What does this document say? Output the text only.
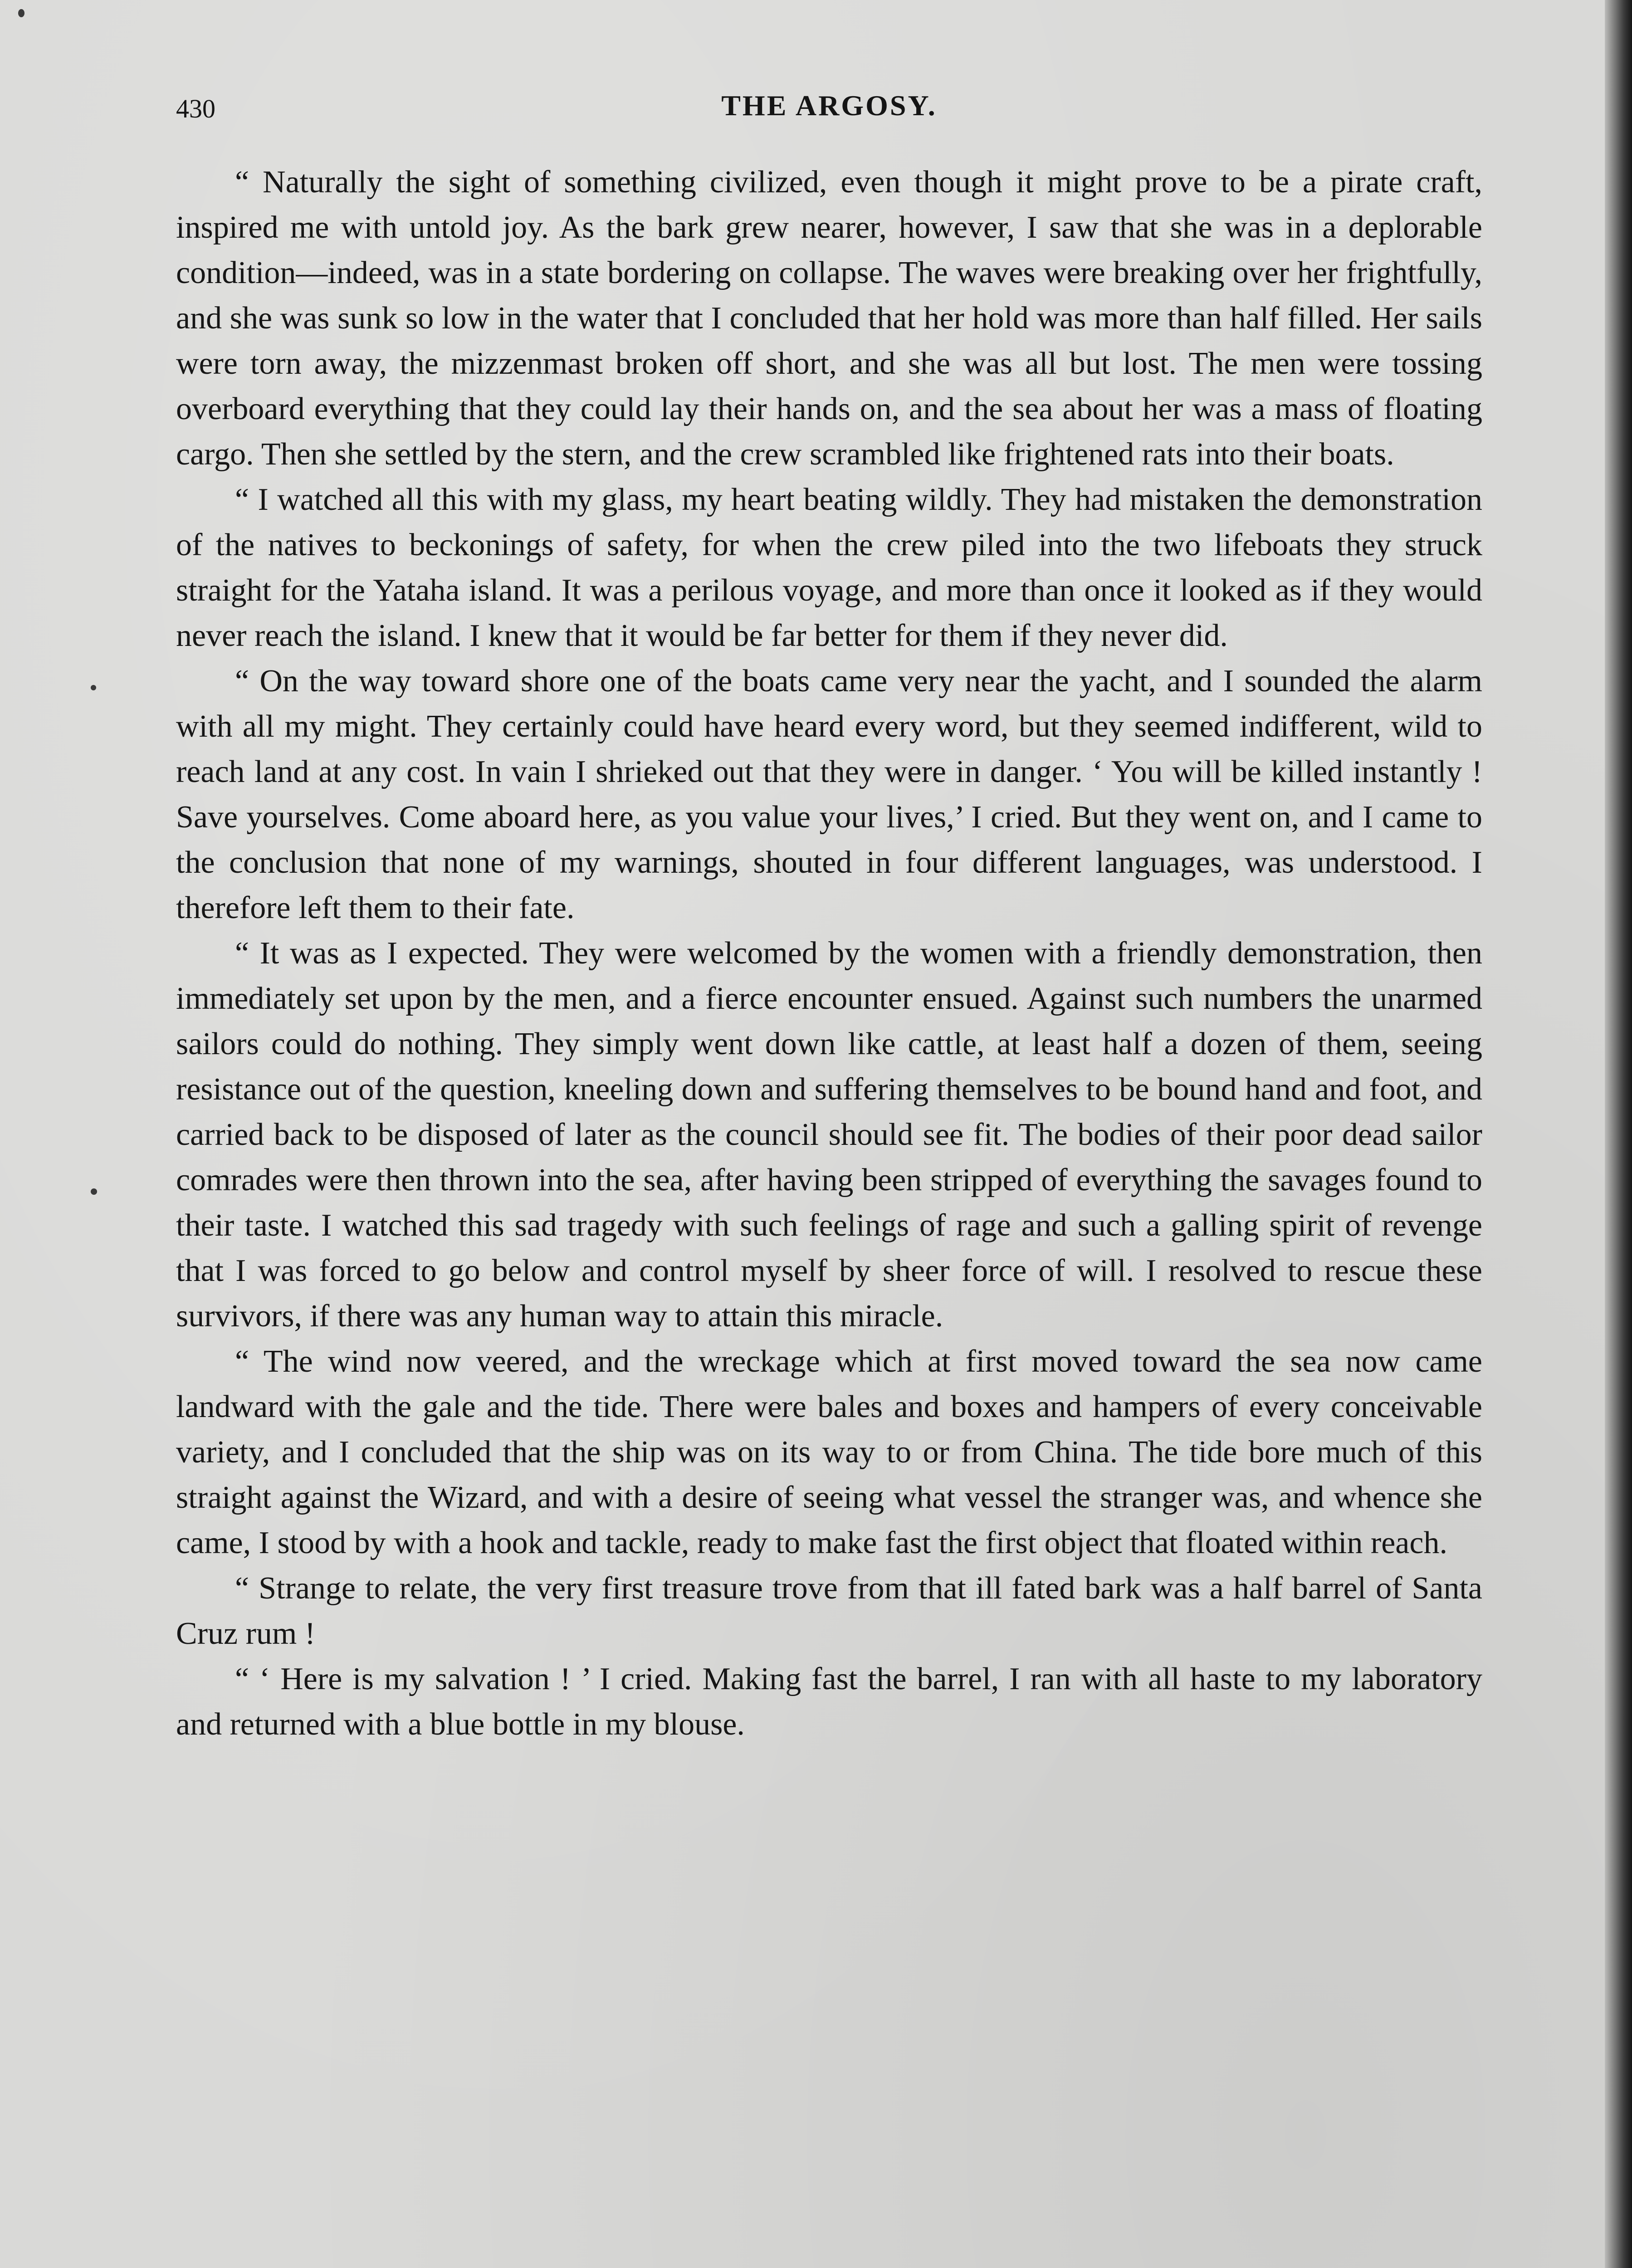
430	THE ARGOSY.

“ Naturally the sight of something civilized, even though it might prove to be a pirate craft, inspired me with untold joy. As the bark grew nearer, however, I saw that she was in a deplorable condition—indeed, was in a state bordering on collapse. The waves were breaking over her frightfully, and she was sunk so low in the water that I concluded that her hold was more than half filled. Her sails were torn away, the mizzenmast broken off short, and she was all but lost. The men were tossing overboard everything that they could lay their hands on, and the sea about her was a mass of floating cargo. Then she settled by the stern, and the crew scrambled like frightened rats into their boats.

“ I watched all this with my glass, my heart beating wildly. They had mistaken the demonstration of the natives to beckonings of safety, for when the crew piled into the two lifeboats they struck straight for the Yataha island. It was a perilous voyage, and more than once it looked as if they would never reach the island. I knew that it would be far better for them if they never did.

“ On the way toward shore one of the boats came very near the yacht, and I sounded the alarm with all my might. They certainly could have heard every word, but they seemed indifferent, wild to reach land at any cost. In vain I shrieked out that they were in danger. ‘ You will be killed instantly ! Save yourselves. Come aboard here, as you value your lives,’ I cried. But they went on, and I came to the conclusion that none of my warnings, shouted in four different languages, was understood. I therefore left them to their fate.

“ It was as I expected. They were welcomed by the women with a friendly demonstration, then immediately set upon by the men, and a fierce encounter ensued. Against such numbers the unarmed sailors could do nothing. They simply went down like cattle, at least half a dozen of them, seeing resistance out of the question, kneeling down and suffering themselves to be bound hand and foot, and carried back to be disposed of later as the council should see fit. The bodies of their poor dead sailor comrades were then thrown into the sea, after having been stripped of everything the savages found to their taste. I watched this sad tragedy with such feelings of rage and such a galling spirit of revenge that I was forced to go below and control myself by sheer force of will. I resolved to rescue these survivors, if there was any human way to attain this miracle.

“ The wind now veered, and the wreckage which at first moved toward the sea now came landward with the gale and the tide. There were bales and boxes and hampers of every conceivable variety, and I concluded that the ship was on its way to or from China. The tide bore much of this straight against the Wizard, and with a desire of seeing what vessel the stranger was, and whence she came, I stood by with a hook and tackle, ready to make fast the first object that floated within reach.

“ Strange to relate, the very first treasure trove from that ill fated bark was a half barrel of Santa Cruz rum !

“ ‘ Here is my salvation ! ’ I cried. Making fast the barrel, I ran with all haste to my laboratory and returned with a blue bottle in my blouse.
